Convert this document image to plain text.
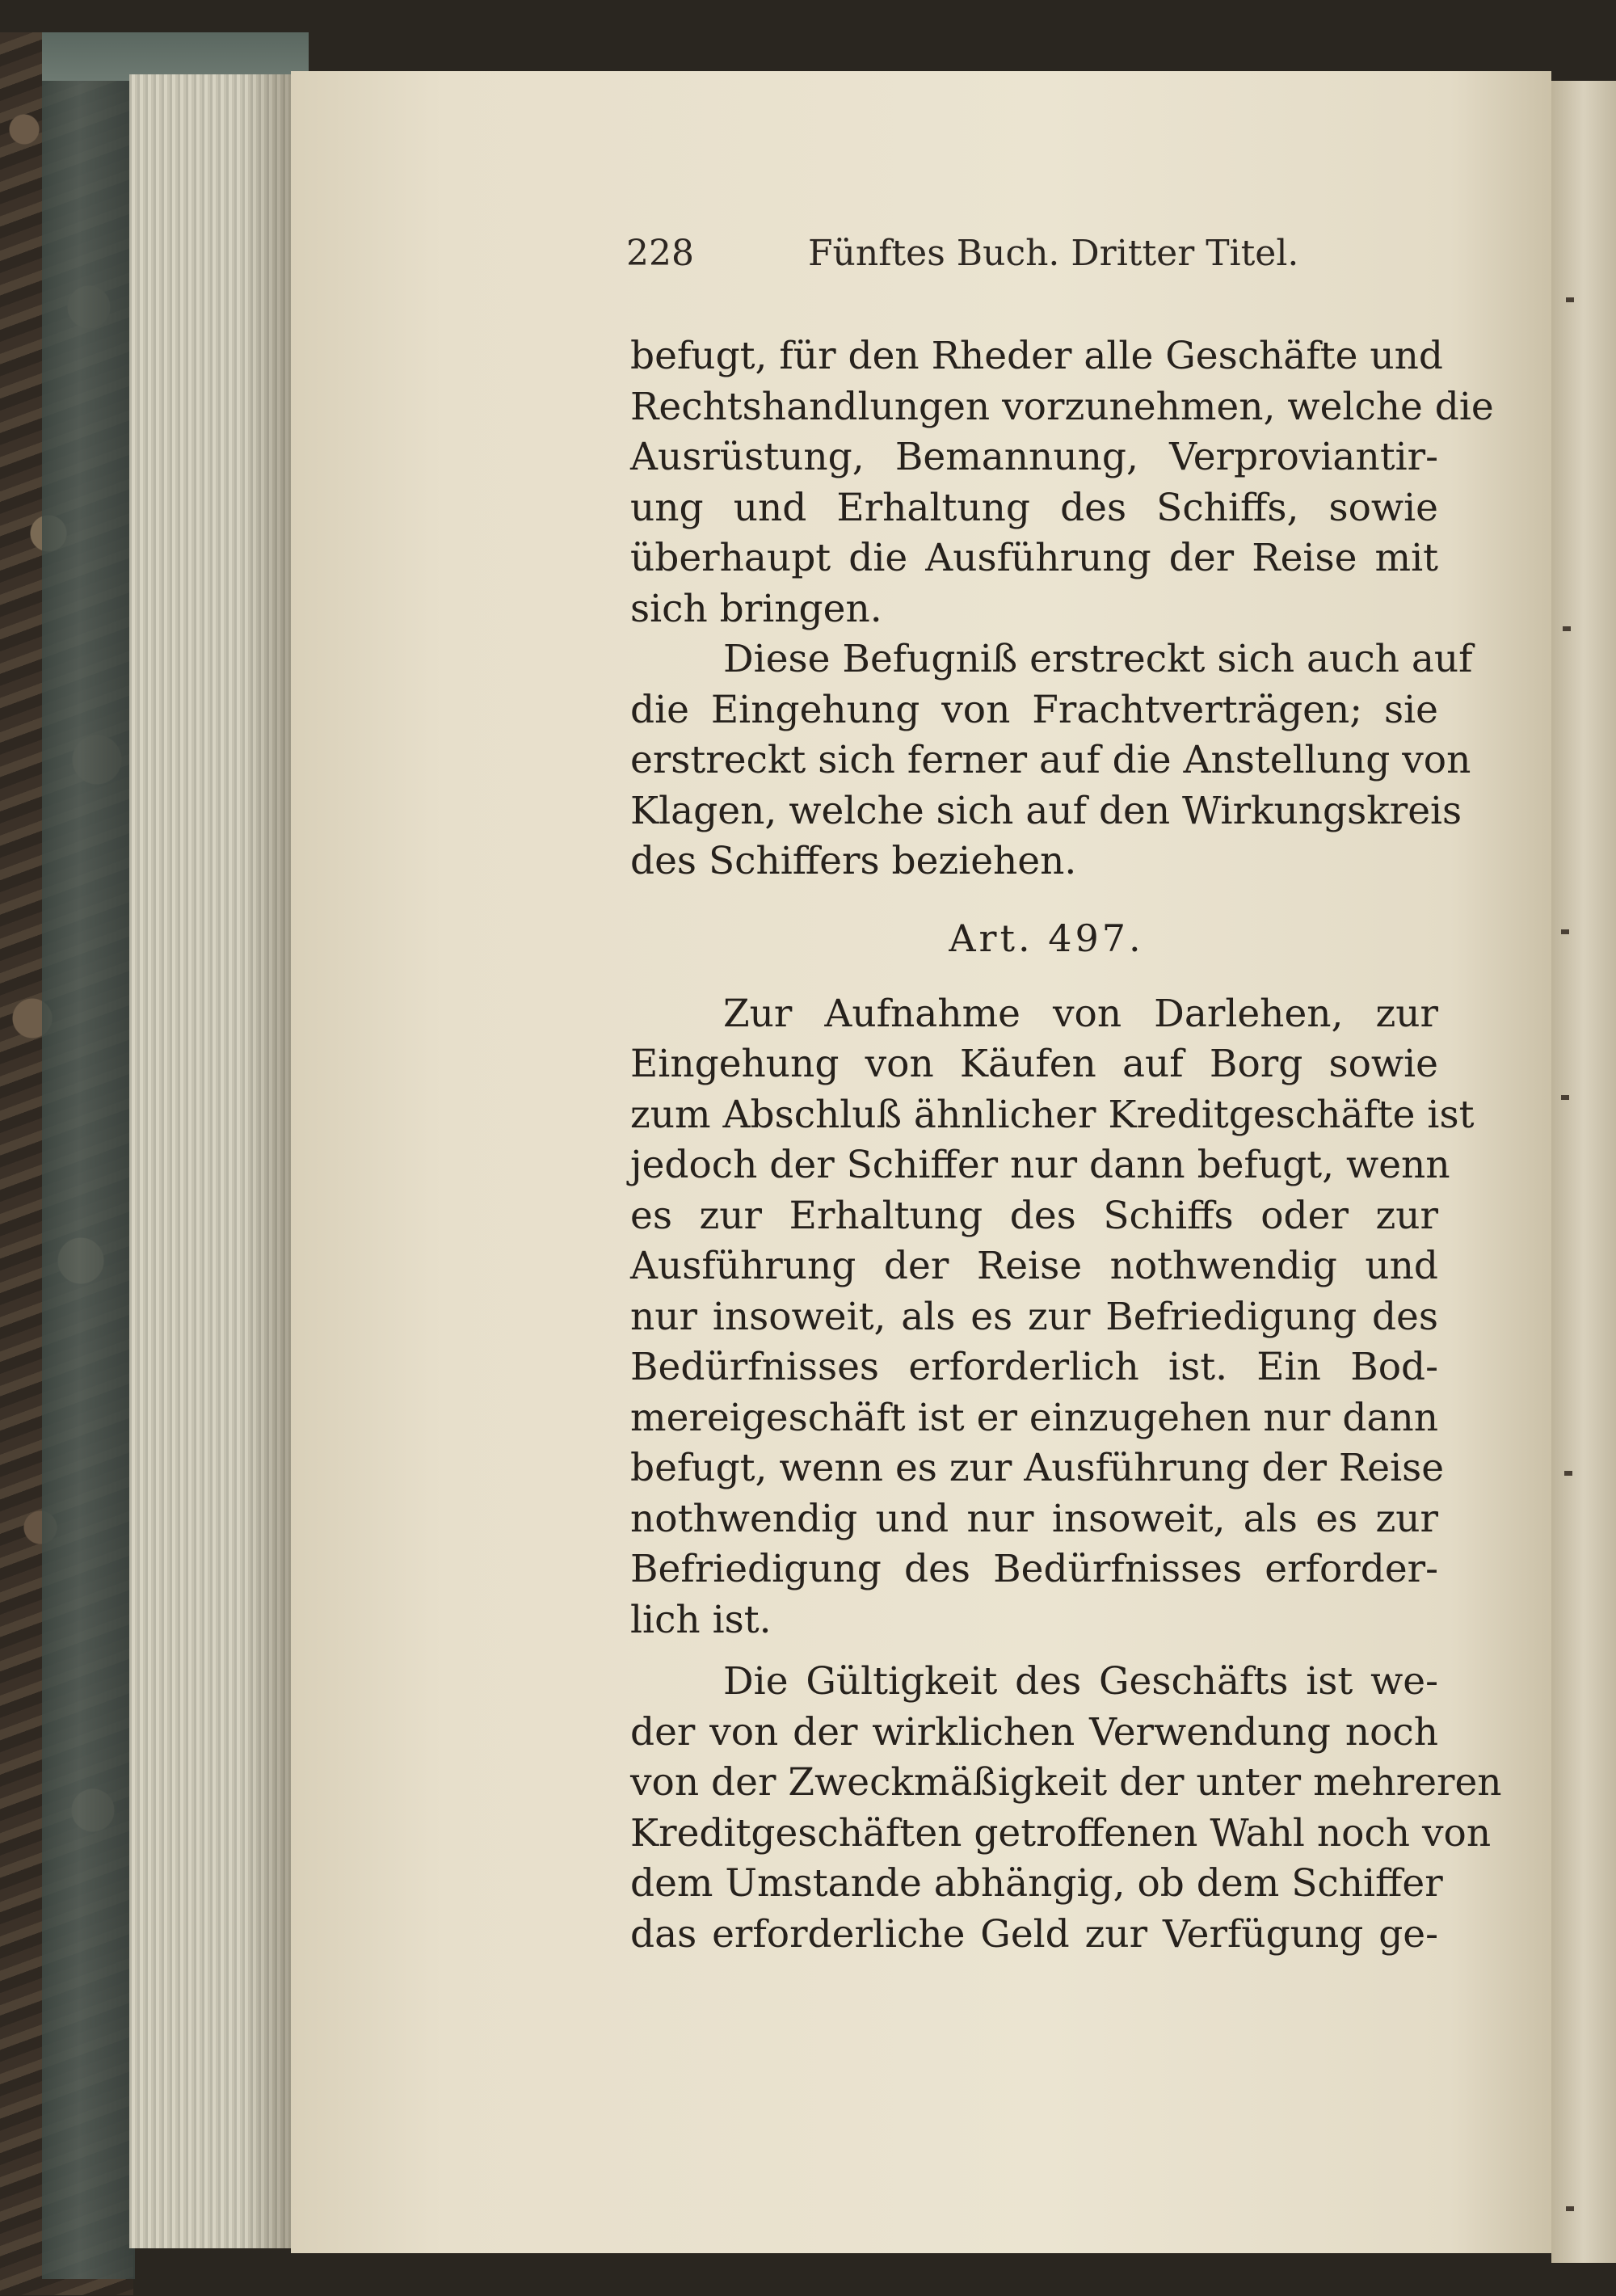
228	Fünftes Buch. Dritter Titel.
befugt, für den Rheder alle Geschäfte und
Rechtshandlungen vorzunehmen, welche die
Ausrüstung, Bemannung, Verproviantir-
ung und Erhaltung des Schiffs, sowie
überhaupt die Ausführung der Reise mit
sich bringen.
Diese Befugniß erstreckt sich auch auf
die Eingehung von Frachtverträgen; sie
erstreckt sich ferner auf die Anstellung von
Klagen, welche sich auf den Wirkungskreis
des Schiffers beziehen.
Art. 497.
Zur Aufnahme von Darlehen, zur
Eingehung von Käufen auf Borg sowie
zum Abschluß ähnlicher Kreditgeschäfte ist
jedoch der Schiffer nur dann befugt, wenn
es zur Erhaltung des Schiffs oder zur
Ausführung der Reise nothwendig und
nur insoweit, als es zur Befriedigung des
Bedürfnisses erforderlich ist. Ein Bod-
mereigeschäft ist er einzugehen nur dann
befugt, wenn es zur Ausführung der Reise
nothwendig und nur insoweit, als es zur
Befriedigung des Bedürfnisses erforder-
lich ist.
Die Gültigkeit des Geschäfts ist we-
der von der wirklichen Verwendung noch
von der Zweckmäßigkeit der unter mehreren
Kreditgeschäften getroffenen Wahl noch von
dem Umstande abhängig, ob dem Schiffer
das erforderliche Geld zur Verfügung ge-
